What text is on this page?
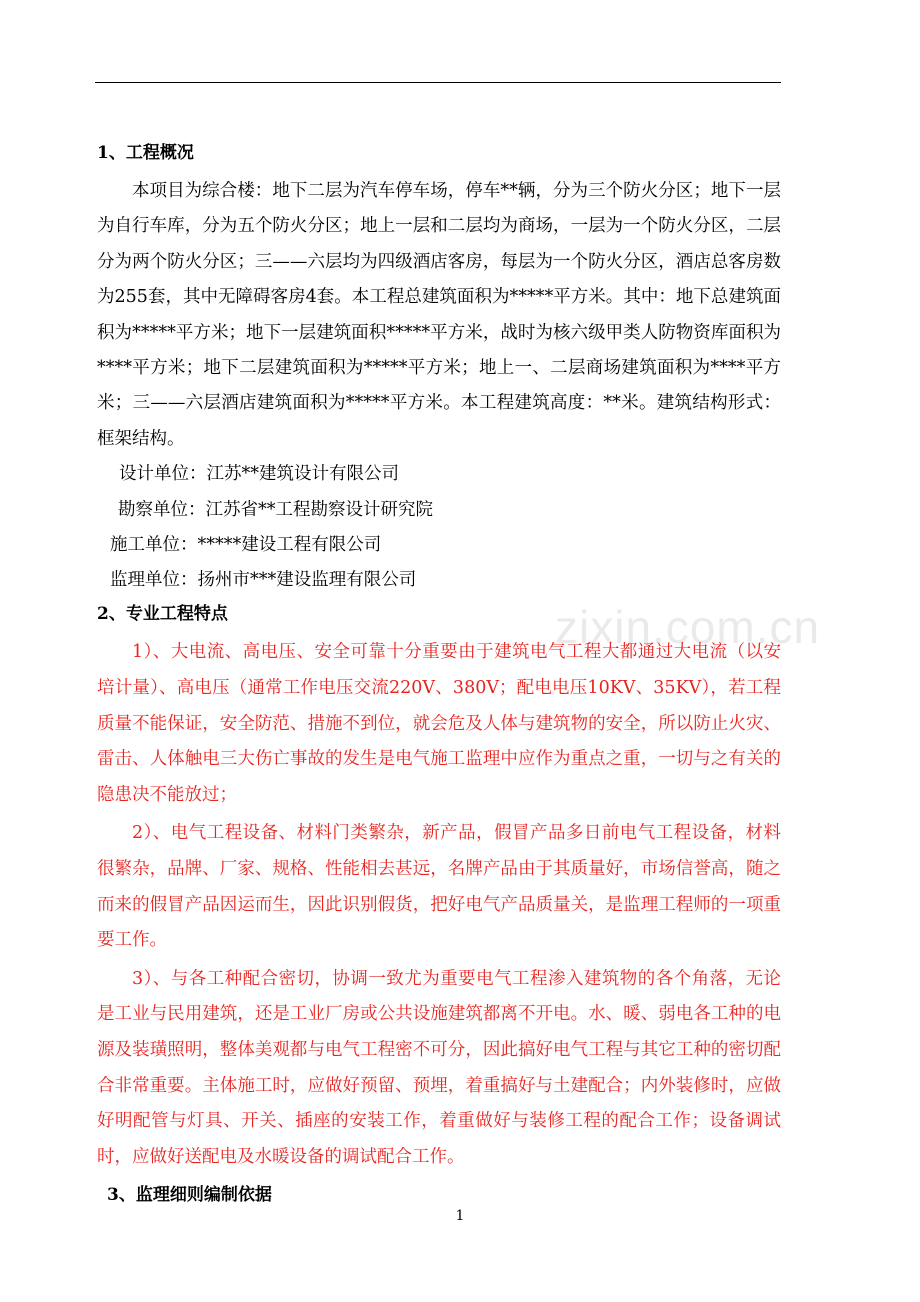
zixin.com.cn
1、工程概况

本项目为综合楼：地下二层为汽车停车场，停车**辆，分为三个防火分区；地下一层为自行车库，分为五个防火分区；地上一层和二层均为商场，一层为一个防火分区，二层分为两个防火分区；三——六层均为四级酒店客房，每层为一个防火分区，酒店总客房数为255套，其中无障碍客房4套。本工程总建筑面积为*****平方米。其中：地下总建筑面积为*****平方米；地下一层建筑面积*****平方米，战时为核六级甲类人防物资库面积为****平方米；地下二层建筑面积为*****平方米；地上一、二层商场建筑面积为****平方米；三——六层酒店建筑面积为*****平方米。本工程建筑高度：**米。建筑结构形式：框架结构。

设计单位：江苏**建筑设计有限公司
勘察单位：江苏省**工程勘察设计研究院
施工单位：*****建设工程有限公司
监理单位：扬州市***建设监理有限公司
2、专业工程特点

1）、大电流、高电压、安全可靠十分重要由于建筑电气工程大都通过大电流（以安培计量）、高电压（通常工作电压交流220V、380V；配电电压10KV、35KV），若工程质量不能保证，安全防范、措施不到位，就会危及人体与建筑物的安全，所以防止火灾、雷击、人体触电三大伤亡事故的发生是电气施工监理中应作为重点之重，一切与之有关的隐患决不能放过；

2）、电气工程设备、材料门类繁杂，新产品，假冒产品多日前电气工程设备，材料很繁杂，品牌、厂家、规格、性能相去甚远，名牌产品由于其质量好，市场信誉高，随之而来的假冒产品因运而生，因此识别假货，把好电气产品质量关，是监理工程师的一项重要工作。

3）、与各工种配合密切，协调一致尤为重要电气工程渗入建筑物的各个角落，无论是工业与民用建筑，还是工业厂房或公共设施建筑都离不开电。水、暖、弱电各工种的电源及装璜照明，整体美观都与电气工程密不可分，因此搞好电气工程与其它工种的密切配合非常重要。主体施工时，应做好预留、预埋，着重搞好与土建配合；内外装修时，应做好明配管与灯具、开关、插座的安装工作，着重做好与装修工程的配合工作；设备调试时，应做好送配电及水暖设备的调试配合工作。

3、监理细则编制依据
1
